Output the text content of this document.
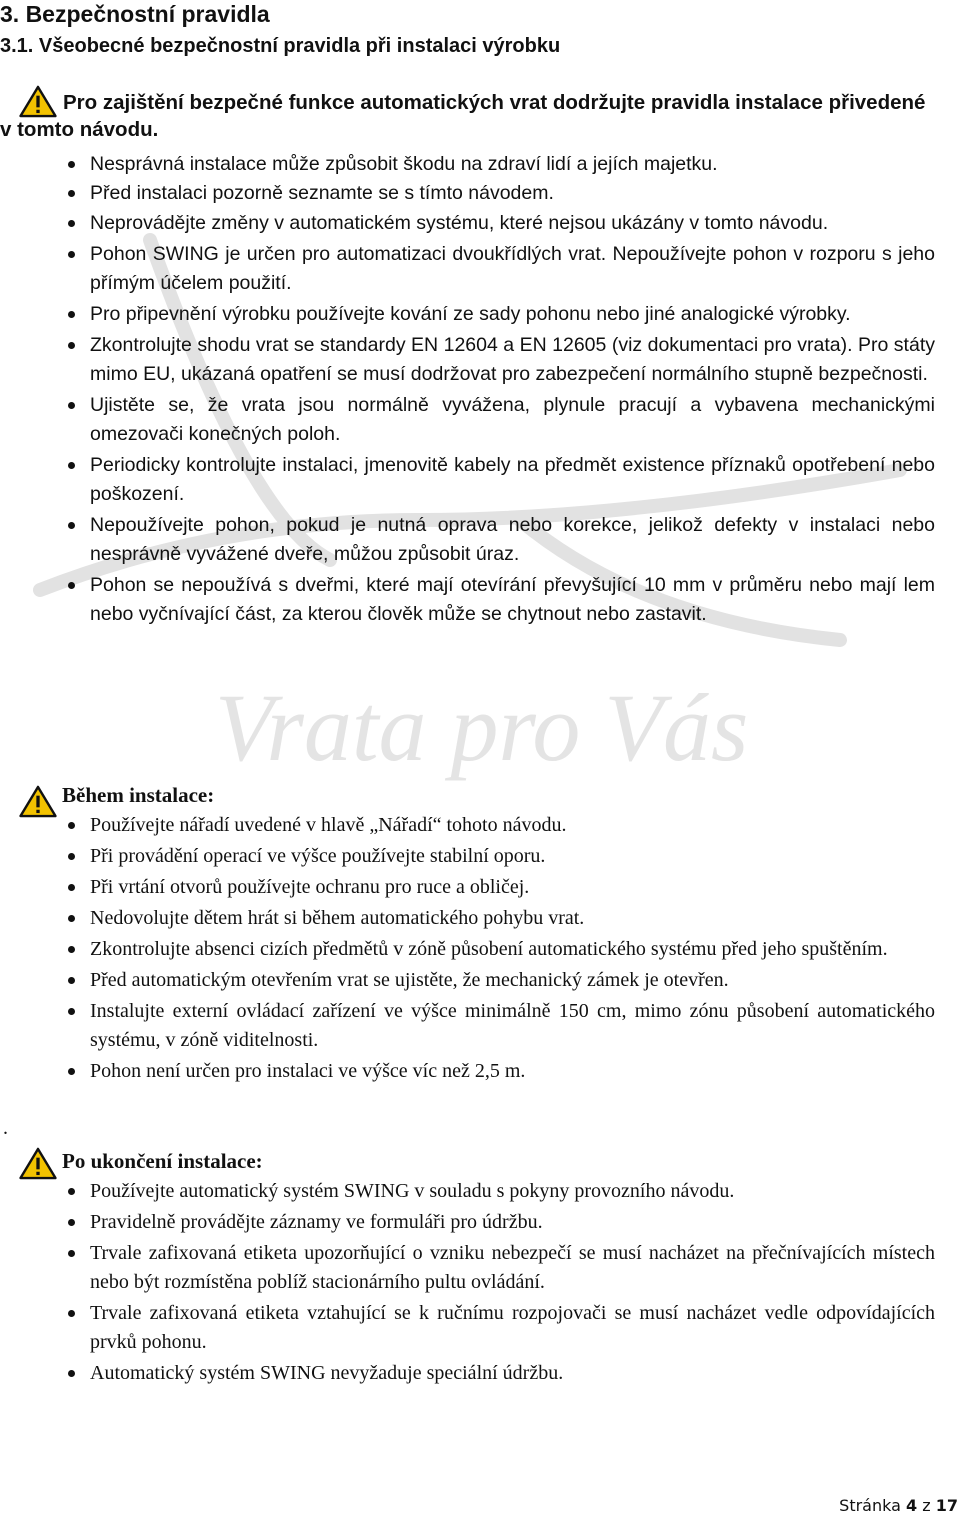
Vrata pro Vás
3. Bezpečnostní pravidla
3.1. Všeobecné bezpečnostní pravidla při instalaci výrobku

Pro zajištění bezpečné funkce automatických vrat dodržujte pravidla instalace přivedené v tomto návodu.

Nesprávná instalace může způsobit škodu na zdraví lidí a jejích majetku.
Před instalaci pozorně seznamte se s tímto návodem.
Neprovádějte změny v automatickém systému, které nejsou ukázány v tomto návodu.
Pohon SWING je určen pro automatizaci dvoukřídlých vrat. Nepoužívejte pohon v rozporu s jeho přímým účelem použití.
Pro připevnění výrobku používejte kování ze sady pohonu nebo jiné analogické výrobky.
Zkontrolujte shodu vrat se standardy EN 12604 a EN 12605 (viz dokumentaci pro vrata). Pro státy mimo EU, ukázaná opatření se musí dodržovat pro zabezpečení normálního stupně bezpečnosti.
Ujistěte se, že vrata jsou normálně vyvážena, plynule pracují a vybavena mechanickými omezovači konečných poloh.
Periodicky kontrolujte instalaci, jmenovitě kabely na předmět existence příznaků opotřebení nebo poškození.
Nepoužívejte pohon, pokud je nutná oprava nebo korekce, jelikož defekty v instalaci nebo nesprávně vyvážené dveře, můžou způsobit úraz.
Pohon se nepoužívá s dveřmi, které mají otevírání převyšující 10 mm v průměru nebo mají lem nebo vyčnívající část, za kterou člověk může se chytnout nebo zastavit.

Během instalace:

Používejte nářadí uvedené v hlavě „Nářadí“ tohoto návodu.
Při provádění operací ve výšce používejte stabilní oporu.
Při vrtání otvorů používejte ochranu pro ruce a obličej.
Nedovolujte dětem hrát si během automatického pohybu vrat.
Zkontrolujte absenci cizích předmětů v zóně působení automatického systému před jeho spuštěním.
Před automatickým otevřením vrat se ujistěte, že mechanický zámek je otevřen.
Instalujte externí ovládací zařízení ve výšce minimálně 150 cm, mimo zónu působení automatického systému, v zóně viditelnosti.
Pohon není určen pro instalaci ve výšce víc než 2,5 m.
.

Po ukončení instalace:

Používejte automatický systém SWING v souladu s pokyny provozního návodu.
Pravidelně provádějte záznamy ve formuláři pro údržbu.
Trvale zafixovaná etiketa upozorňující o vzniku nebezpečí se musí nacházet na přečnívajících místech nebo být rozmístěna poblíž stacionárního pultu ovládání.
Trvale zafixovaná etiketa vztahující se k ručnímu rozpojovači se musí nacházet vedle odpovídajících prvků pohonu.
Automatický systém SWING nevyžaduje speciální údržbu.
Stránka 4 z 17
